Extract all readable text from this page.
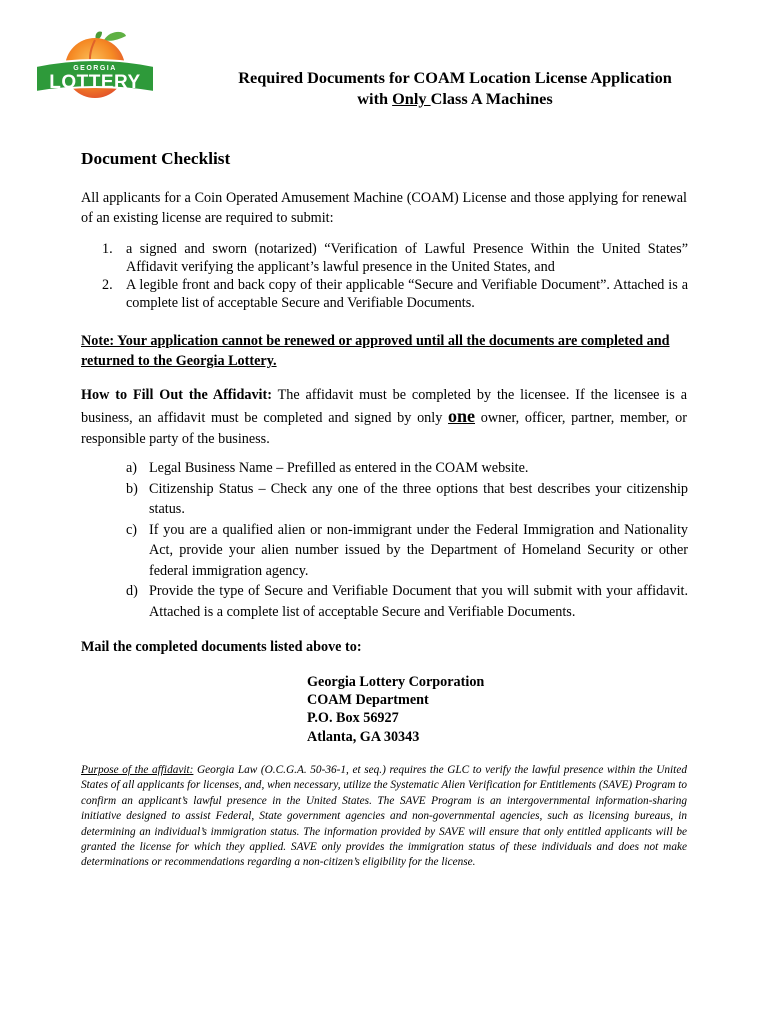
GEORGIA
LOTTERY	Required Documents for COAM Location License Application
with Only Class A Machines
Document Checklist

All applicants for a Coin Operated Amusement Machine (COAM) License and those applying for renewal of an existing license are required to submit:

1. a signed and sworn (notarized) “Verification of Lawful Presence Within the United States” Affidavit verifying the applicant’s lawful presence in the United States, and
2. A legible front and back copy of their applicable “Secure and Verifiable Document”. Attached is a complete list of acceptable Secure and Verifiable Documents.

Note: Your application cannot be renewed or approved until all the documents are completed and returned to the Georgia Lottery.

How to Fill Out the Affidavit: The affidavit must be completed by the licensee. If the licensee is a business, an affidavit must be completed and signed by only one owner, officer, partner, member, or responsible party of the business.

a) Legal Business Name – Prefilled as entered in the COAM website.
b) Citizenship Status – Check any one of the three options that best describes your citizenship status.
c) If you are a qualified alien or non-immigrant under the Federal Immigration and Nationality Act, provide your alien number issued by the Department of Homeland Security or other federal immigration agency.
d) Provide the type of Secure and Verifiable Document that you will submit with your affidavit. Attached is a complete list of acceptable Secure and Verifiable Documents.

Mail the completed documents listed above to:

Georgia Lottery Corporation
COAM Department
P.O. Box 56927
Atlanta, GA 30343

Purpose of the affidavit: Georgia Law (O.C.G.A. 50-36-1, et seq.) requires the GLC to verify the lawful presence within the United States of all applicants for licenses, and, when necessary, utilize the Systematic Alien Verification for Entitlements (SAVE) Program to confirm an applicant’s lawful presence in the United States. The SAVE Program is an intergovernmental information-sharing initiative designed to assist Federal, State government agencies and non-governmental agencies, such as licensing bureaus, in determining an individual’s immigration status. The information provided by SAVE will ensure that only entitled applicants will be granted the license for which they applied. SAVE only provides the immigration status of these individuals and does not make determinations or recommendations regarding a non-citizen’s eligibility for the license.
